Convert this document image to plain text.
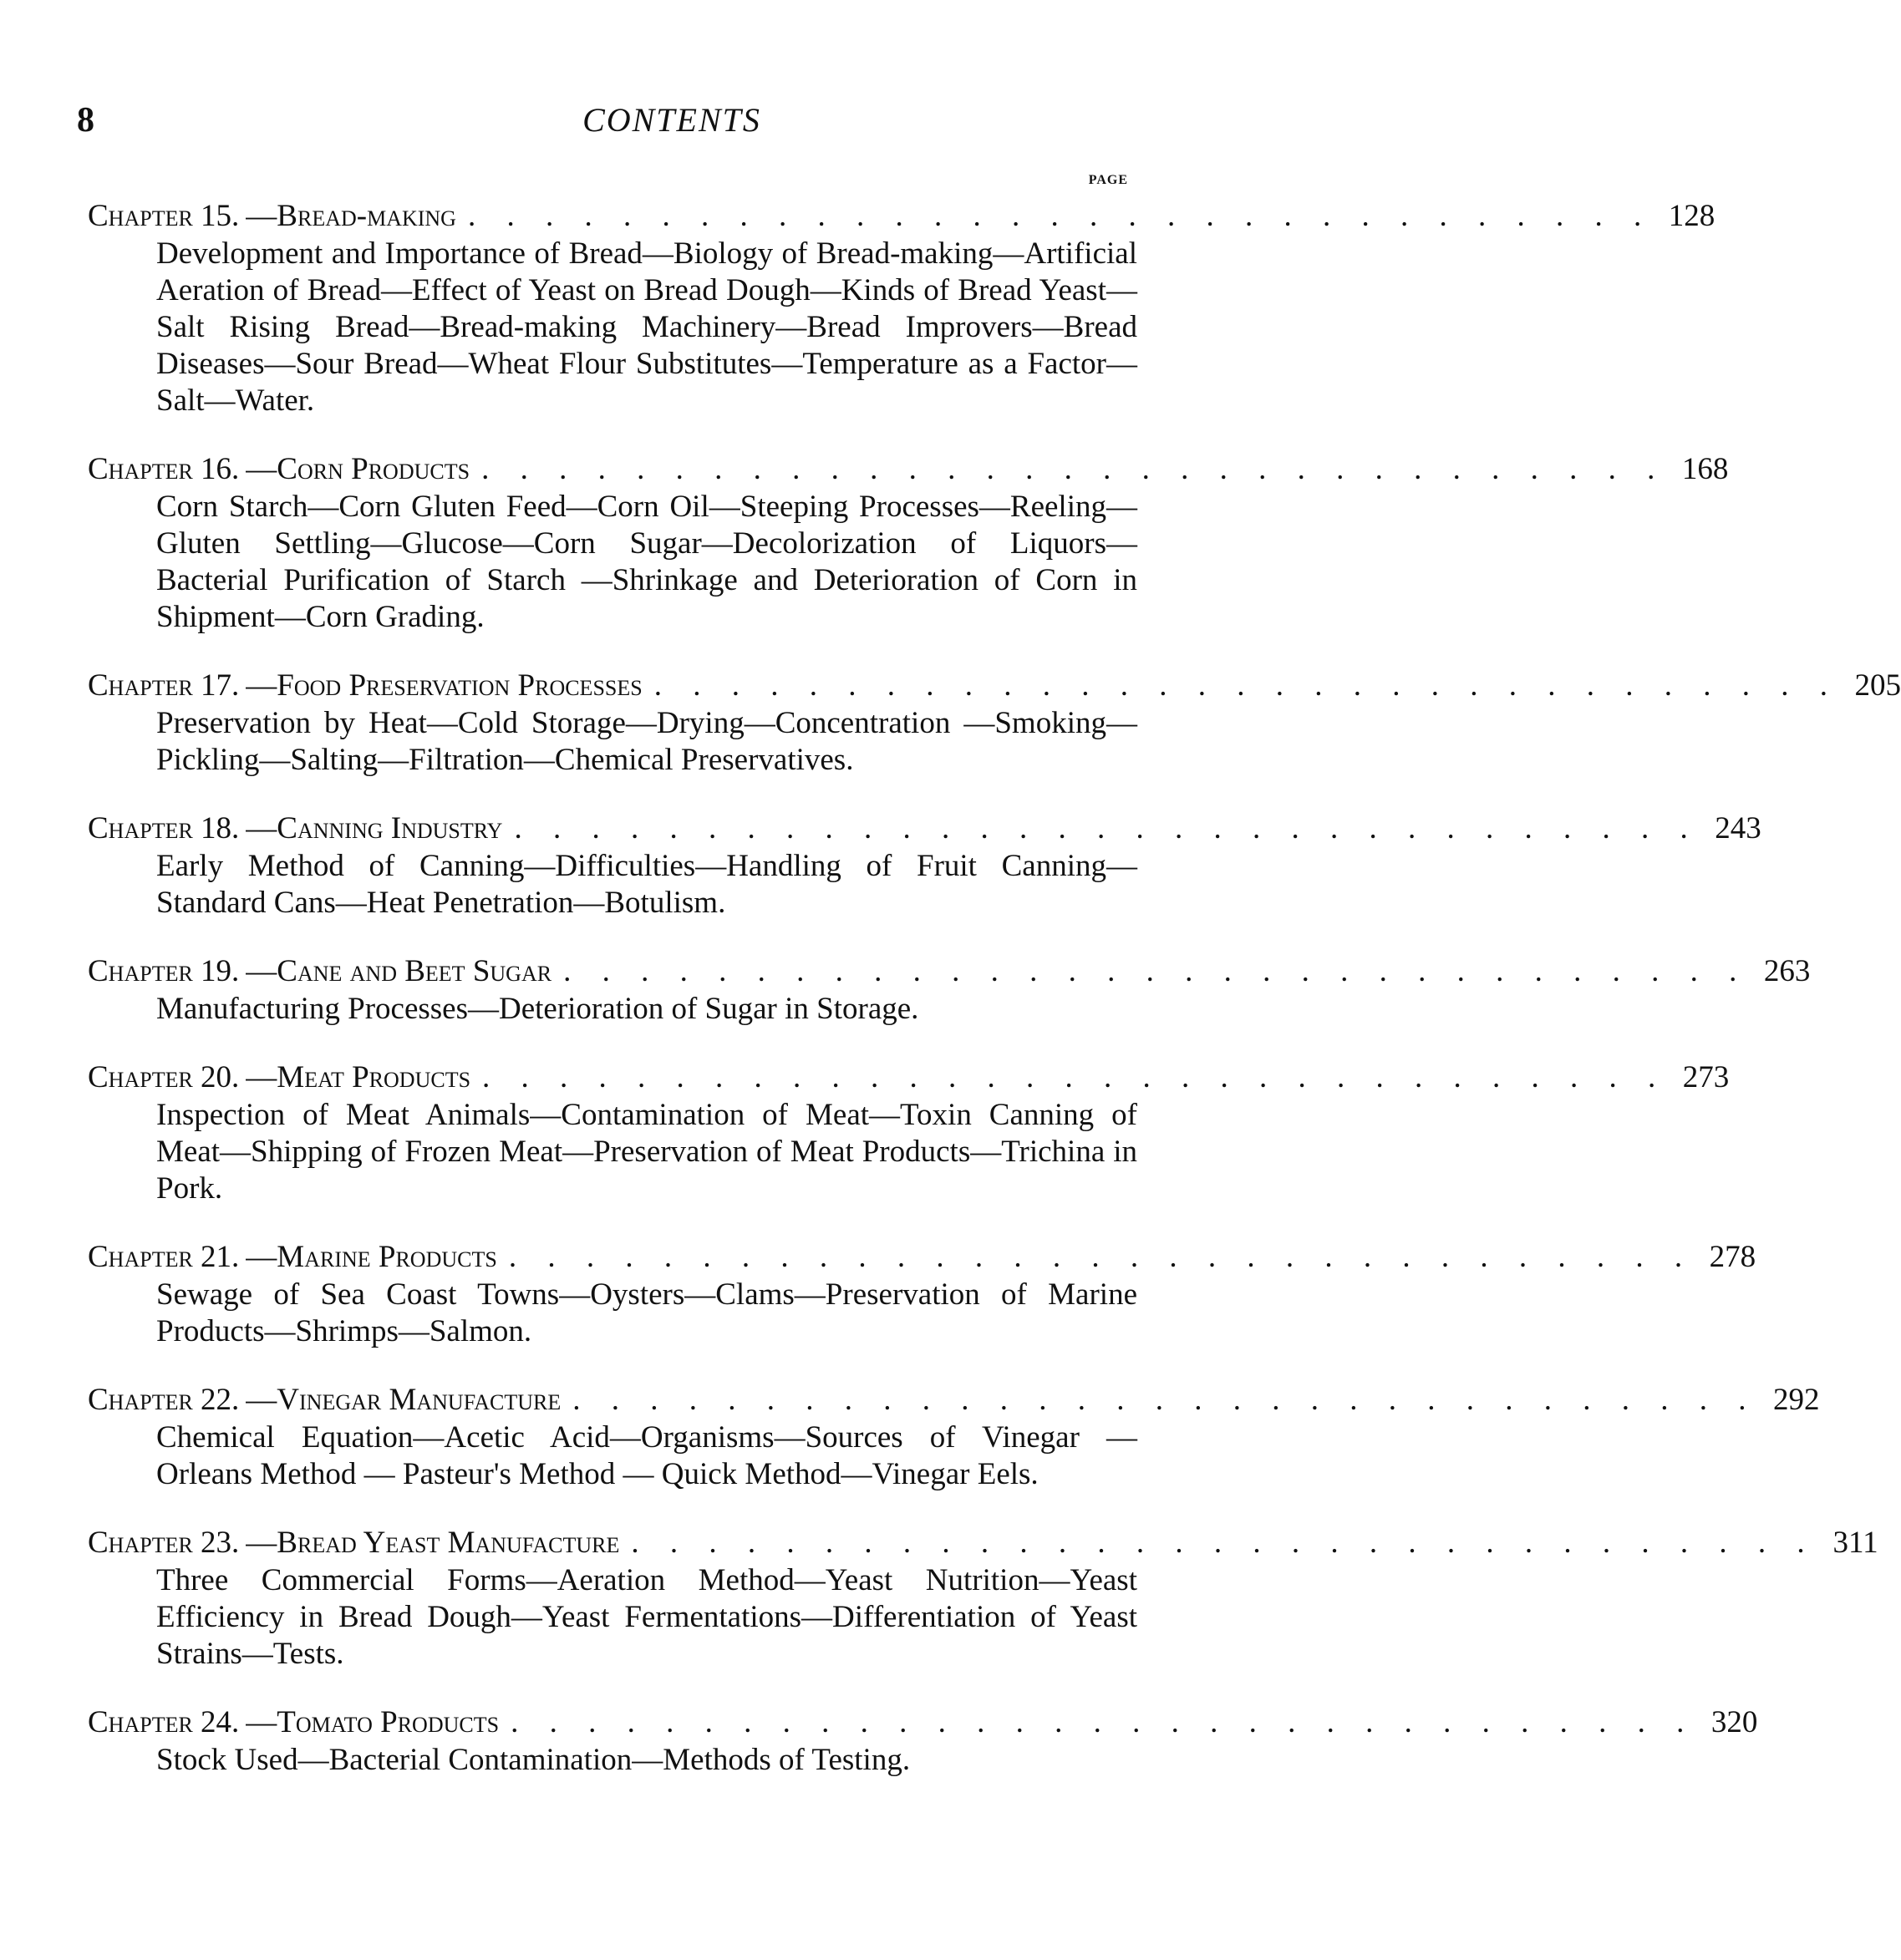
8	CONTENTS
PAGE
Chapter 15. —Bread-making . . . . . . . . . . . . . . . . . . . . . . . . . . . . . . . 128
Development and Importance of Bread—Biology of Bread-making—Artificial Aeration of Bread—Effect of Yeast on Bread Dough—Kinds of Bread Yeast—Salt Rising Bread—Bread-making Machinery—Bread Improvers—Bread Diseases—Sour Bread—Wheat Flour Substitutes—Temperature as a Factor—Salt—Water.
Chapter 16. —Corn Products . . . . . . . . . . . . . . . . . . . . . . . . . . . . . . . 168
Corn Starch—Corn Gluten Feed—Corn Oil—Steeping Processes—Reeling—Gluten Settling—Glucose—Corn Sugar—Decolorization of Liquors—Bacterial Purification of Starch —Shrinkage and Deterioration of Corn in Shipment—Corn Grading.
Chapter 17. —Food Preservation Processes . . . . . . . . . . . . . . . . . . . . . . . . . . . . . . . 205
Preservation by Heat—Cold Storage—Drying—Concentration —Smoking—Pickling—Salting—Filtration—Chemical Preservatives.
Chapter 18. —Canning Industry . . . . . . . . . . . . . . . . . . . . . . . . . . . . . . . 243
Early Method of Canning—Difficulties—Handling of Fruit Canning—Standard Cans—Heat Penetration—Botulism.
Chapter 19. —Cane and Beet Sugar . . . . . . . . . . . . . . . . . . . . . . . . . . . . . . . 263
Manufacturing Processes—Deterioration of Sugar in Storage.
Chapter 20. —Meat Products . . . . . . . . . . . . . . . . . . . . . . . . . . . . . . . 273
Inspection of Meat Animals—Contamination of Meat—Toxin Canning of Meat—Shipping of Frozen Meat—Preservation of Meat Products—Trichina in Pork.
Chapter 21. —Marine Products . . . . . . . . . . . . . . . . . . . . . . . . . . . . . . . 278
Sewage of Sea Coast Towns—Oysters—Clams—Preservation of Marine Products—Shrimps—Salmon.
Chapter 22. —Vinegar Manufacture . . . . . . . . . . . . . . . . . . . . . . . . . . . . . . . 292
Chemical Equation—Acetic Acid—Organisms—Sources of Vinegar — Orleans Method — Pasteur's Method — Quick Method—Vinegar Eels.
Chapter 23. —Bread Yeast Manufacture . . . . . . . . . . . . . . . . . . . . . . . . . . . . . . . 311
Three Commercial Forms—Aeration Method—Yeast Nutrition—Yeast Efficiency in Bread Dough—Yeast Fermentations—Differentiation of Yeast Strains—Tests.
Chapter 24. —Tomato Products . . . . . . . . . . . . . . . . . . . . . . . . . . . . . . . 320
Stock Used—Bacterial Contamination—Methods of Testing.
